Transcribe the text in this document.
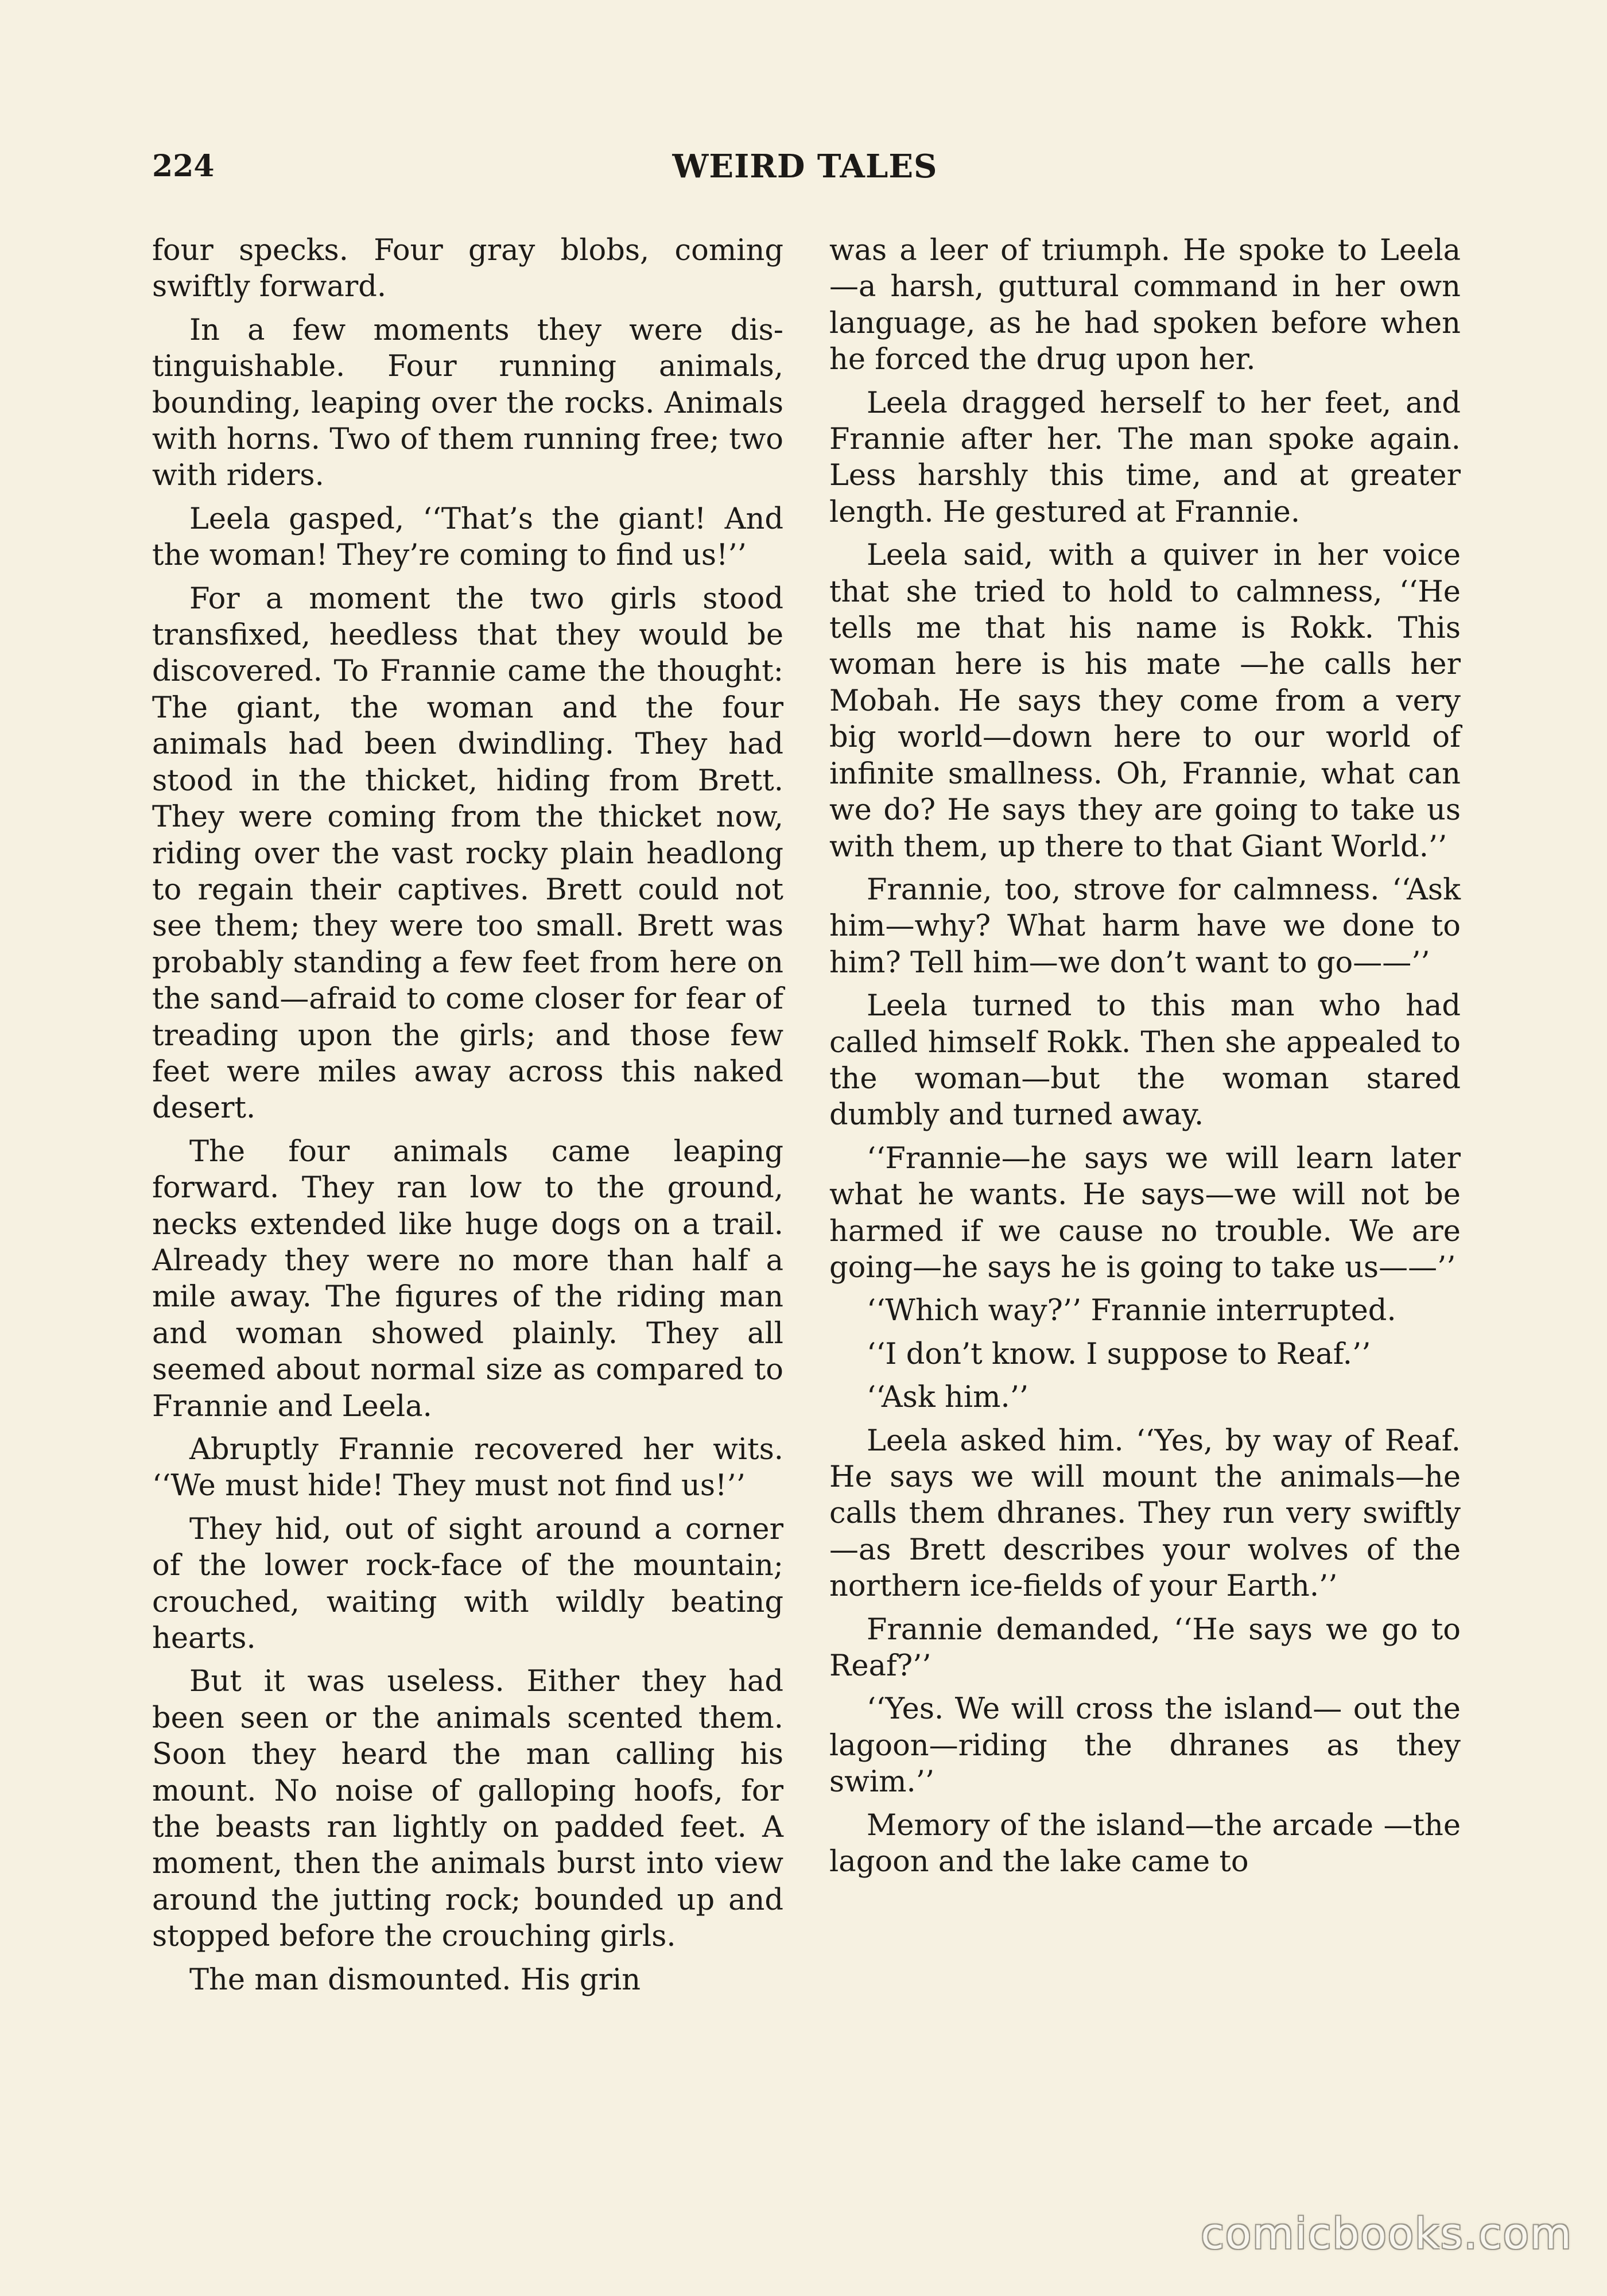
224	WEIRD TALES

four specks. Four gray blobs, coming swiftly forward.

In a few moments they were distinguishable. Four running animals, bounding, leaping over the rocks. Animals with horns. Two of them running free; two with riders.

Leela gasped, ‘‘That’s the giant! And the woman! They’re coming to find us!’’

For a moment the two girls stood transfixed, heedless that they would be discovered. To Frannie came the thought: The giant, the woman and the four animals had been dwindling. They had stood in the thicket, hiding from Brett. They were coming from the thicket now, riding over the vast rocky plain headlong to regain their captives. Brett could not see them; they were too small. Brett was probably standing a few feet from here on the sand—afraid to come closer for fear of treading upon the girls; and those few feet were miles away across this naked desert.

The four animals came leaping forward. They ran low to the ground, necks extended like huge dogs on a trail. Already they were no more than half a mile away. The figures of the riding man and woman showed plainly. They all seemed about normal size as compared to Frannie and Leela.

Abruptly Frannie recovered her wits. ‘‘We must hide! They must not find us!’’

They hid, out of sight around a corner of the lower rock-face of the mountain; crouched, waiting with wildly beating hearts.

But it was useless. Either they had been seen or the animals scented them. Soon they heard the man calling his mount. No noise of galloping hoofs, for the beasts ran lightly on padded feet. A moment, then the animals burst into view around the jutting rock; bounded up and stopped before the crouching girls.

The man dismounted. His grin

was a leer of triumph. He spoke to Leela—a harsh, guttural command in her own language, as he had spoken before when he forced the drug upon her.

Leela dragged herself to her feet, and Frannie after her. The man spoke again. Less harshly this time, and at greater length. He gestured at Frannie.

Leela said, with a quiver in her voice that she tried to hold to calmness, ‘‘He tells me that his name is Rokk. This woman here is his mate —he calls her Mobah. He says they come from a very big world—down here to our world of infinite smallness. Oh, Frannie, what can we do? He says they are going to take us with them, up there to that Giant World.’’

Frannie, too, strove for calmness. ‘‘Ask him—why? What harm have we done to him? Tell him—we don’t want to go——’’

Leela turned to this man who had called himself Rokk. Then she appealed to the woman—but the woman stared dumbly and turned away.

‘‘Frannie—he says we will learn later what he wants. He says—we will not be harmed if we cause no trouble. We are going—he says he is going to take us——’’

‘‘Which way?’’ Frannie interrupted.

‘‘I don’t know. I suppose to Reaf.’’

‘‘Ask him.’’

Leela asked him. ‘‘Yes, by way of Reaf. He says we will mount the animals—he calls them dhranes. They run very swiftly—as Brett describes your wolves of the northern ice-fields of your Earth.’’

Frannie demanded, ‘‘He says we go to Reaf?’’

‘‘Yes. We will cross the island— out the lagoon—riding the dhranes as they swim.’’

Memory of the island—the arcade —the lagoon and the lake came to

comicbooks.com
